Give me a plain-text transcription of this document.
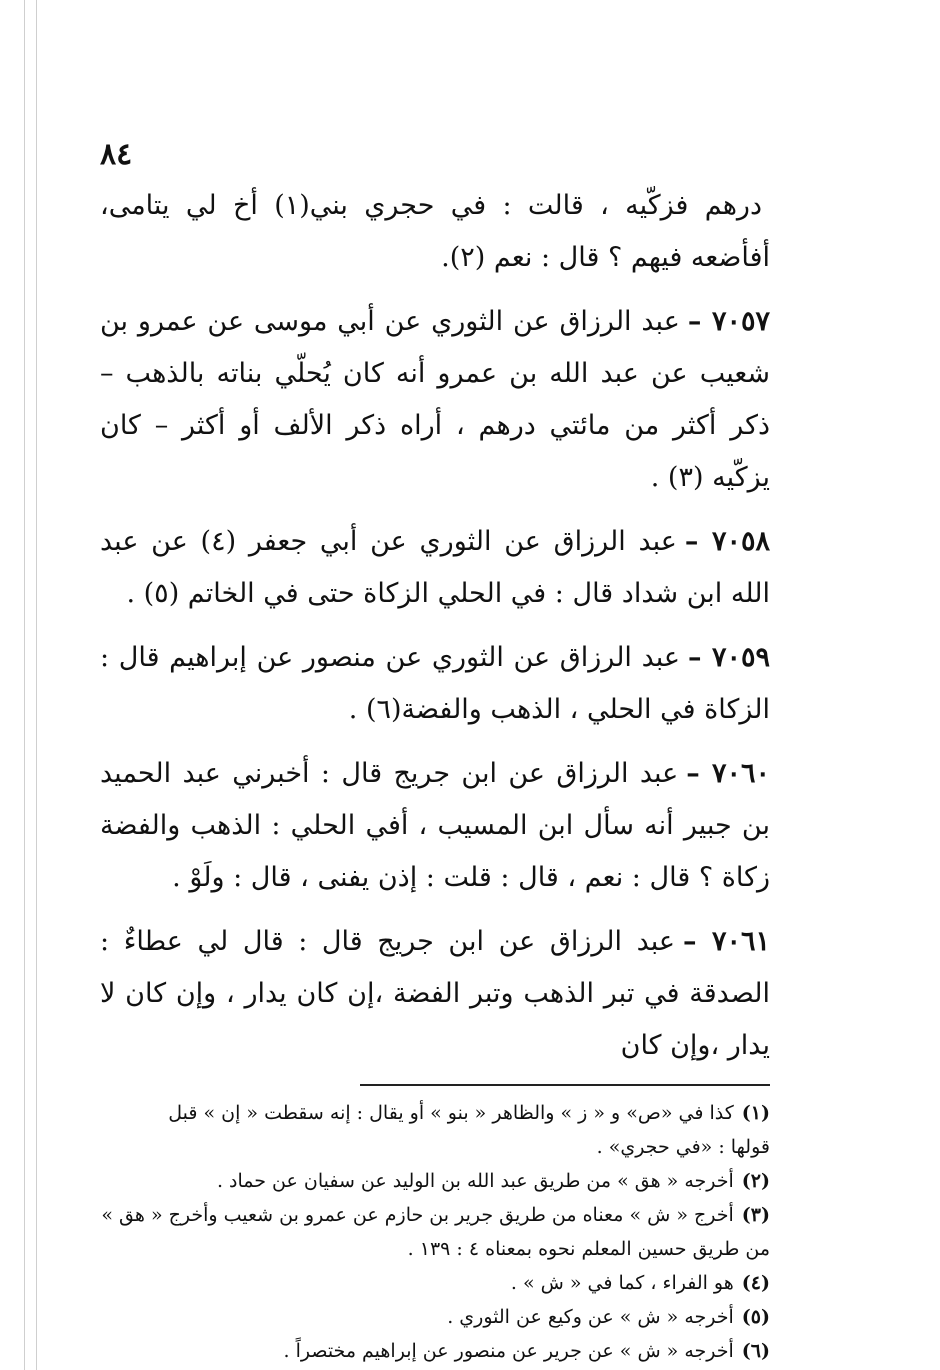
٨٤

درهم فزكّيه ، قالت : في حجري بني(١) أخ لي يتامى، أفأضعه فيهم ؟ قال : نعم (٢).

٧٠٥٧ –عبد الرزاق عن الثوري عن أبي موسى عن عمرو بن شعيب عن عبد الله بن عمرو أنه كان يُحلّي بناته بالذهب – ذكر أكثر من مائتي درهم ، أراه ذكر الألف أو أكثر – كان يزكّيه (٣) .

٧٠٥٨ –عبد الرزاق عن الثوري عن أبي جعفر (٤) عن عبد الله ابن شداد قال : في الحلي الزكاة حتى في الخاتم (٥) .

٧٠٥٩ –عبد الرزاق عن الثوري عن منصور عن إبراهيم قال : الزكاة في الحلي ، الذهب والفضة(٦) .

٧٠٦٠ –عبد الرزاق عن ابن جريج قال : أخبرني عبد الحميد بن جبير أنه سأل ابن المسيب ، أفي الحلي : الذهب والفضة زكاة ؟ قال : نعم ، قال : قلت : إذن يفنى ، قال : ولَوْ .

٧٠٦١ –عبد الرزاق عن ابن جريج قال : قال لي عطاءٌ : الصدقة في تبر الذهب وتبر الفضة ،إن كان يدار ، وإن كان لا يدار ،وإن كان

(١)كذا في «ص» و « ز » والظاهر « بنو » أو يقال : إنه سقطت « إن » قبل

قولها : «في حجري» .

(٢)أخرجه « هق » من طريق عبد الله بن الوليد عن سفيان عن حماد .

(٣)أخرج « ش » معناه من طريق جرير بن حازم عن عمرو بن شعيب وأخرج « هق »

من طريق حسين المعلم نحوه بمعناه ٤ : ١٣٩ .

(٤)هو الفراء ، كما في « ش » .

(٥)أخرجه « ش » عن وكيع عن الثوري .

(٦)أخرجه « ش » عن جرير عن منصور عن إبراهيم مختصراً .
